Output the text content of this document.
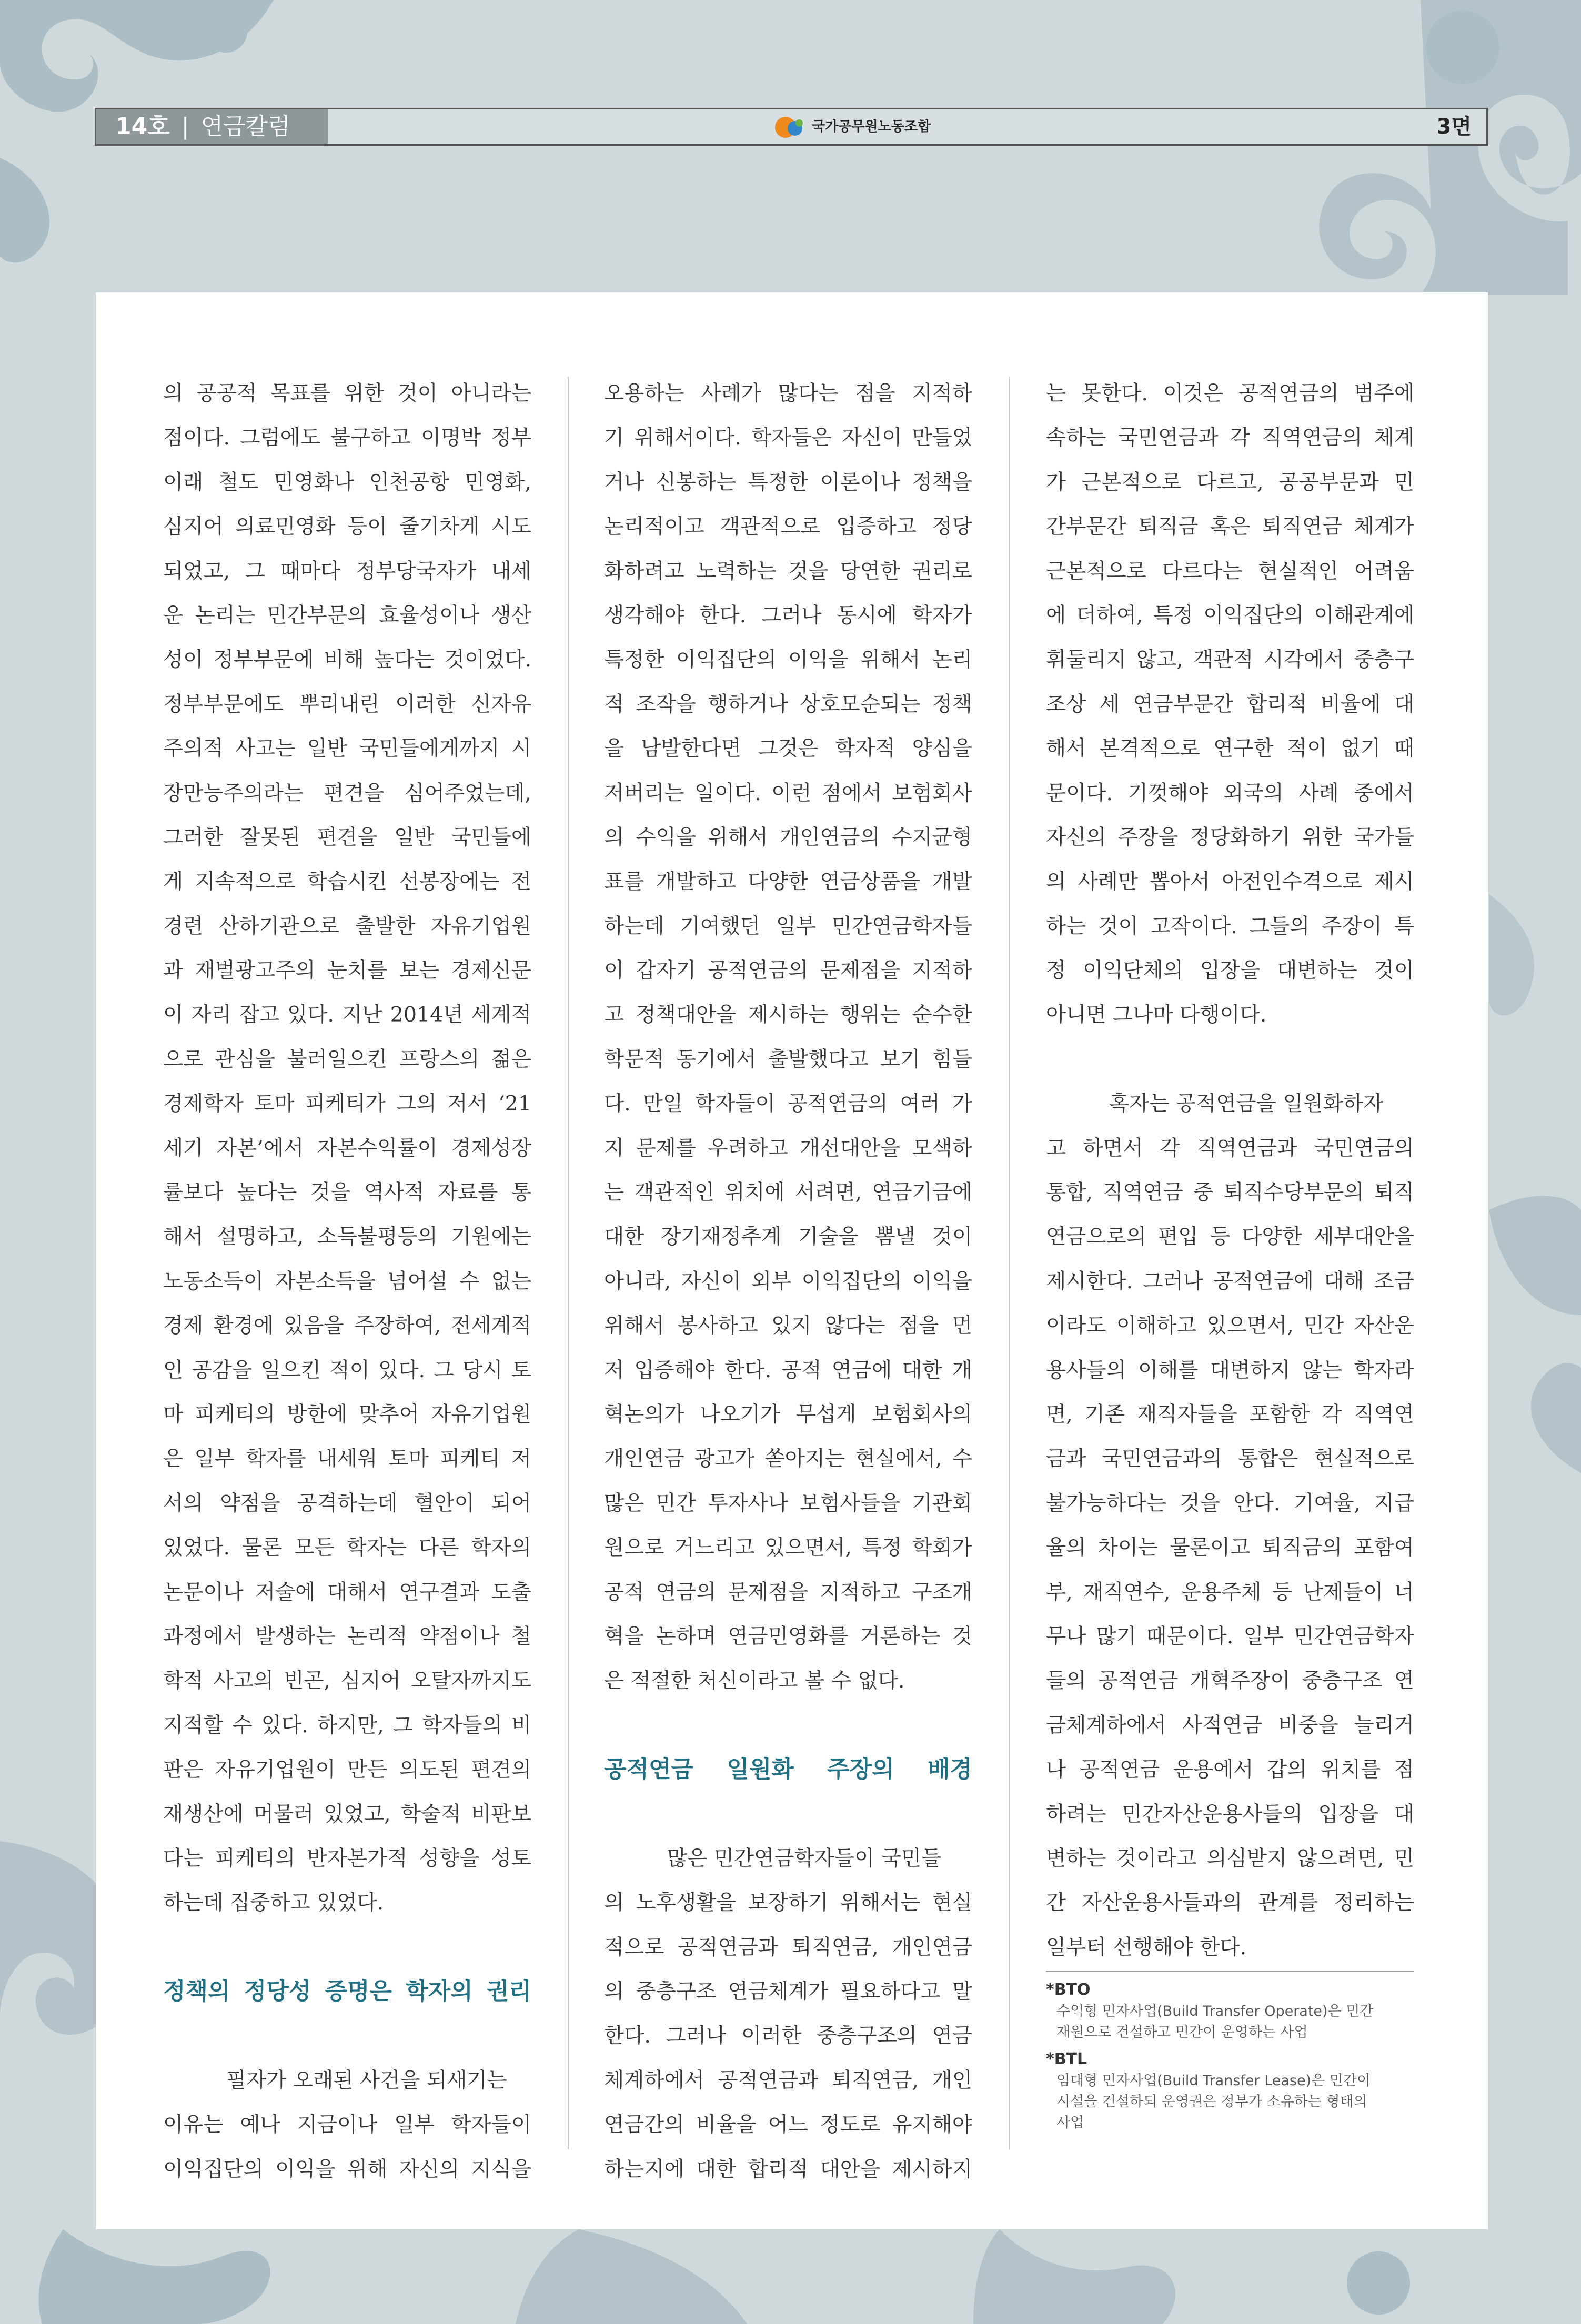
14호 | 연금칼럼	국가공무원노동조합	3면
의 공공적 목표를 위한 것이 아니라는
점이다. 그럼에도 불구하고 이명박 정부
이래 철도 민영화나 인천공항 민영화,
심지어 의료민영화 등이 줄기차게 시도
되었고, 그 때마다 정부당국자가 내세
운 논리는 민간부문의 효율성이나 생산
성이 정부부문에 비해 높다는 것이었다.
정부부문에도 뿌리내린 이러한 신자유
주의적 사고는 일반 국민들에게까지 시
장만능주의라는 편견을 심어주었는데,
그러한 잘못된 편견을 일반 국민들에
게 지속적으로 학습시킨 선봉장에는 전
경련 산하기관으로 출발한 자유기업원
과 재벌광고주의 눈치를 보는 경제신문
이 자리 잡고 있다. 지난 2014년 세계적
으로 관심을 불러일으킨 프랑스의 젊은
경제학자 토마 피케티가 그의 저서 ‘21
세기 자본’에서 자본수익률이 경제성장
률보다 높다는 것을 역사적 자료를 통
해서 설명하고, 소득불평등의 기원에는
노동소득이 자본소득을 넘어설 수 없는
경제 환경에 있음을 주장하여, 전세계적
인 공감을 일으킨 적이 있다. 그 당시 토
마 피케티의 방한에 맞추어 자유기업원
은 일부 학자를 내세워 토마 피케티 저
서의 약점을 공격하는데 혈안이 되어
있었다. 물론 모든 학자는 다른 학자의
논문이나 저술에 대해서 연구결과 도출
과정에서 발생하는 논리적 약점이나 철
학적 사고의 빈곤, 심지어 오탈자까지도
지적할 수 있다. 하지만, 그 학자들의 비
판은 자유기업원이 만든 의도된 편견의
재생산에 머물러 있었고, 학술적 비판보
다는 피케티의 반자본가적 성향을 성토
하는데 집중하고 있었다.
정책의 정당성 증명은 학자의 권리
필자가 오래된 사건을 되새기는
이유는 예나 지금이나 일부 학자들이
이익집단의 이익을 위해 자신의 지식을
오용하는 사례가 많다는 점을 지적하
기 위해서이다. 학자들은 자신이 만들었
거나 신봉하는 특정한 이론이나 정책을
논리적이고 객관적으로 입증하고 정당
화하려고 노력하는 것을 당연한 권리로
생각해야 한다. 그러나 동시에 학자가
특정한 이익집단의 이익을 위해서 논리
적 조작을 행하거나 상호모순되는 정책
을 남발한다면 그것은 학자적 양심을
저버리는 일이다. 이런 점에서 보험회사
의 수익을 위해서 개인연금의 수지균형
표를 개발하고 다양한 연금상품을 개발
하는데 기여했던 일부 민간연금학자들
이 갑자기 공적연금의 문제점을 지적하
고 정책대안을 제시하는 행위는 순수한
학문적 동기에서 출발했다고 보기 힘들
다. 만일 학자들이 공적연금의 여러 가
지 문제를 우려하고 개선대안을 모색하
는 객관적인 위치에 서려면, 연금기금에
대한 장기재정추계 기술을 뽐낼 것이
아니라, 자신이 외부 이익집단의 이익을
위해서 봉사하고 있지 않다는 점을 먼
저 입증해야 한다. 공적 연금에 대한 개
혁논의가 나오기가 무섭게 보험회사의
개인연금 광고가 쏟아지는 현실에서, 수
많은 민간 투자사나 보험사들을 기관회
원으로 거느리고 있으면서, 특정 학회가
공적 연금의 문제점을 지적하고 구조개
혁을 논하며 연금민영화를 거론하는 것
은 적절한 처신이라고 볼 수 없다.
공적연금 일원화 주장의 배경
많은 민간연금학자들이 국민들
의 노후생활을 보장하기 위해서는 현실
적으로 공적연금과 퇴직연금, 개인연금
의 중층구조 연금체계가 필요하다고 말
한다. 그러나 이러한 중층구조의 연금
체계하에서 공적연금과 퇴직연금, 개인
연금간의 비율을 어느 정도로 유지해야
하는지에 대한 합리적 대안을 제시하지
는 못한다. 이것은 공적연금의 범주에
속하는 국민연금과 각 직역연금의 체계
가 근본적으로 다르고, 공공부문과 민
간부문간 퇴직금 혹은 퇴직연금 체계가
근본적으로 다르다는 현실적인 어려움
에 더하여, 특정 이익집단의 이해관계에
휘둘리지 않고, 객관적 시각에서 중층구
조상 세 연금부문간 합리적 비율에 대
해서 본격적으로 연구한 적이 없기 때
문이다. 기껏해야 외국의 사례 중에서
자신의 주장을 정당화하기 위한 국가들
의 사례만 뽑아서 아전인수격으로 제시
하는 것이 고작이다. 그들의 주장이 특
정 이익단체의 입장을 대변하는 것이
아니면 그나마 다행이다.
혹자는 공적연금을 일원화하자
고 하면서 각 직역연금과 국민연금의
통합, 직역연금 중 퇴직수당부문의 퇴직
연금으로의 편입 등 다양한 세부대안을
제시한다. 그러나 공적연금에 대해 조금
이라도 이해하고 있으면서, 민간 자산운
용사들의 이해를 대변하지 않는 학자라
면, 기존 재직자들을 포함한 각 직역연
금과 국민연금과의 통합은 현실적으로
불가능하다는 것을 안다. 기여율, 지급
율의 차이는 물론이고 퇴직금의 포함여
부, 재직연수, 운용주체 등 난제들이 너
무나 많기 때문이다. 일부 민간연금학자
들의 공적연금 개혁주장이 중층구조 연
금체계하에서 사적연금 비중을 늘리거
나 공적연금 운용에서 갑의 위치를 점
하려는 민간자산운용사들의 입장을 대
변하는 것이라고 의심받지 않으려면, 민
간 자산운용사들과의 관계를 정리하는
일부터 선행해야 한다.
*BTO
수익형 민자사업(Build Transfer Operate)은 민간
재원으로 건설하고 민간이 운영하는 사업
*BTL
임대형 민자사업(Build Transfer Lease)은 민간이
시설을 건설하되 운영권은 정부가 소유하는 형태의
사업
